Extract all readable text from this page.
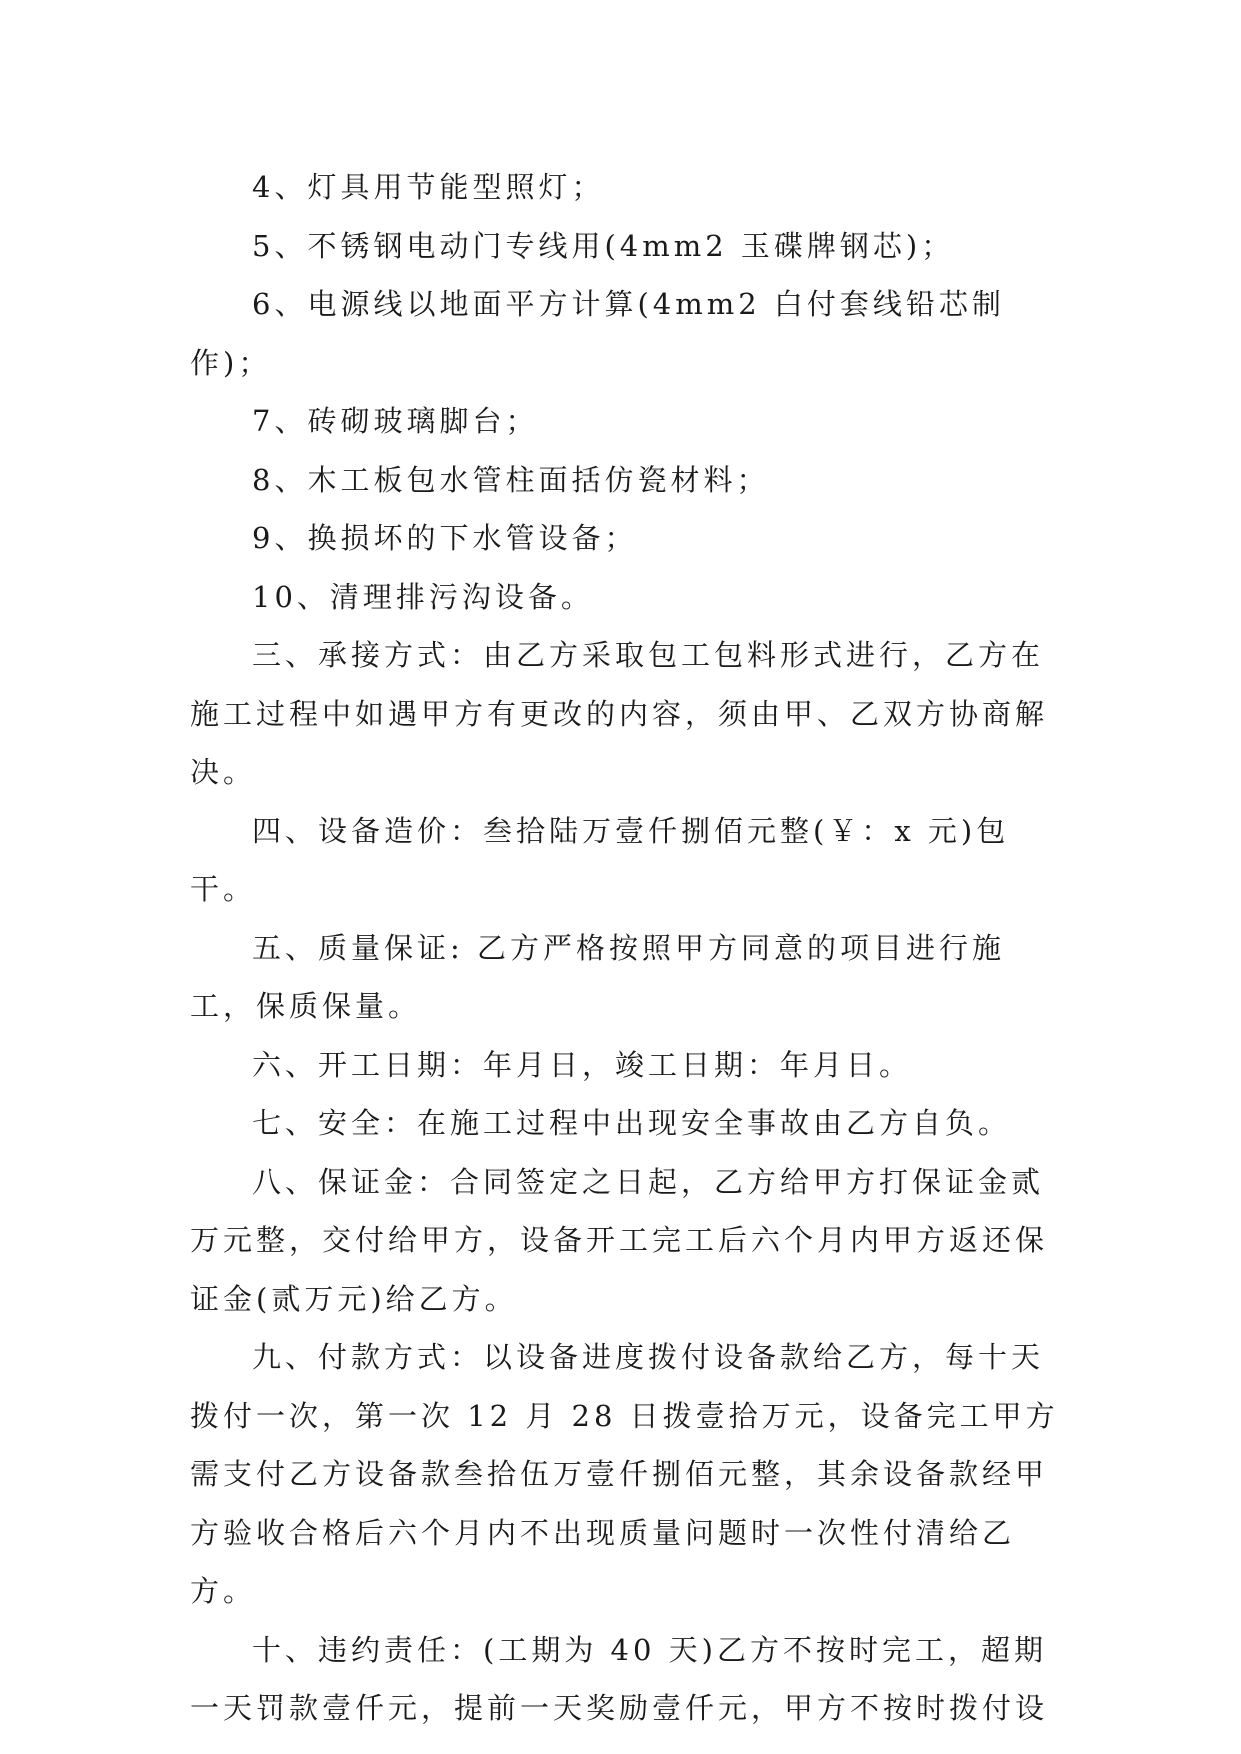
4、灯具用节能型照灯；

5、不锈钢电动门专线用(4mm2 玉碟牌钢芯)；

6、电源线以地面平方计算(4mm2 白付套线铅芯制作)；

7、砖砌玻璃脚台；

8、木工板包水管柱面括仿瓷材料；

9、换损坏的下水管设备；

10、清理排污沟设备。

三、承接方式：由乙方采取包工包料形式进行，乙方在施工过程中如遇甲方有更改的内容，须由甲、乙双方协商解决。

四、设备造价：叁拾陆万壹仟捌佰元整(￥：x 元)包干。

五、质量保证: 乙方严格按照甲方同意的项目进行施工，保质保量。

六、开工日期：年月日，竣工日期：年月日。

七、安全：在施工过程中出现安全事故由乙方自负。

八、保证金：合同签定之日起，乙方给甲方打保证金贰万元整，交付给甲方，设备开工完工后六个月内甲方返还保证金(贰万元)给乙方。

九、付款方式：以设备进度拨付设备款给乙方，每十天拨付一次，第一次 12 月 28 日拨壹拾万元，设备完工甲方需支付乙方设备款叁拾伍万壹仟捌佰元整，其余设备款经甲方验收合格后六个月内不出现质量问题时一次性付清给乙方。

十、违约责任：(工期为 40 天)乙方不按时完工，超期一天罚款壹仟元，提前一天奖励壹仟元，甲方不按时拨付设
